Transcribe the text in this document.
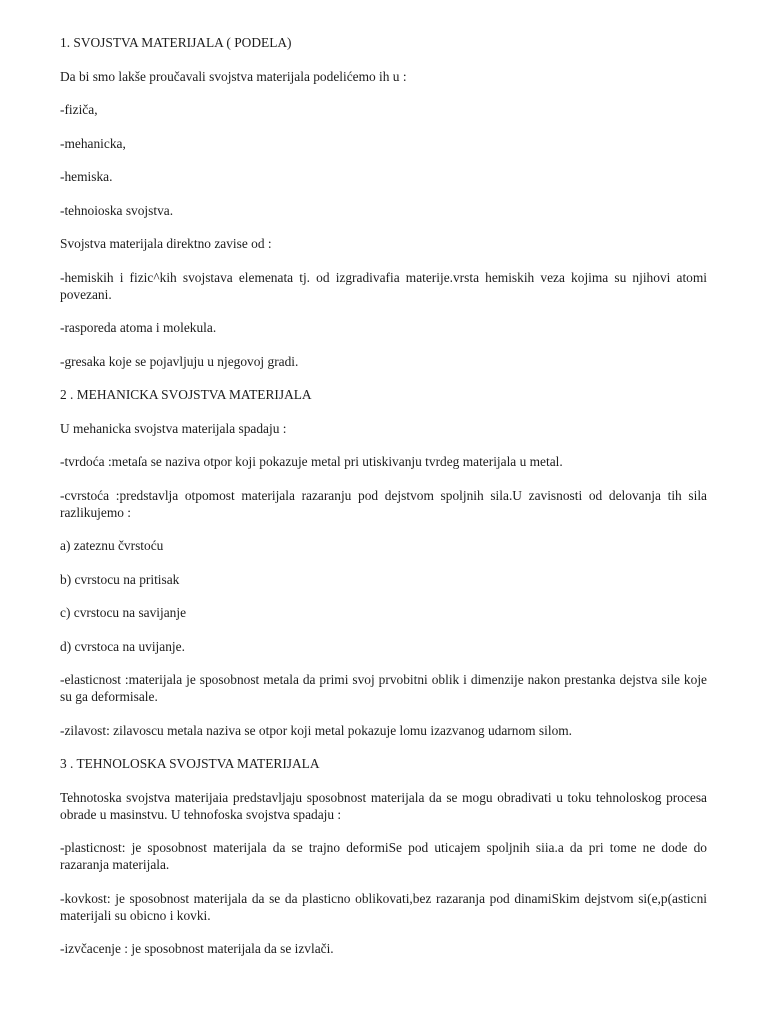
1. SVOJSTVA MATERIJALA ( PODELA)

Da bi smo lakše proučavali svojstva materijala podelićemo ih u :

-fiziča,

-mehanicka,

-hemiska.

-tehnoioska svojstva.

Svojstva materijala direktno zavise od :

-hemiskih i fizic^kih svojstava elemenata tj. od izgradivafia materije.vrsta hemiskih veza kojima su njihovi atomi povezani.

-rasporeda atoma i molekula.

-gresaka koje se pojavljuju u njegovoj gradi.

2 . MEHANICKA SVOJSTVA MATERIJALA

U mehanicka svojstva materijala spadaju :

-tvrdoća :metaſa se naziva otpor koji pokazuje metal pri utiskivanju tvrdeg materijala u metal.

-cvrstoća :predstavlja otpomost materijala razaranju pod dejstvom spoljnih sila.U zavisnosti od delovanja tih sila razlikujemo :

a) zateznu čvrstoću

b) cvrstocu na pritisak

c) cvrstocu na savijanje

d) cvrstoca na uvijanje.

-elasticnost :materijala je sposobnost metala da primi svoj prvobitni oblik i dimenzije nakon prestanka dejstva sile koje su ga deformisale.

-zilavost: zilavoscu metala naziva se otpor koji metal pokazuje lomu izazvanog udarnom silom.

3 . TEHNOLOSKA SVOJSTVA MATERIJALA

Tehnotoska svojstva materijaia predstavljaju sposobnost materijala da se mogu obradivati u toku tehnoloskog procesa obrade u masinstvu. U tehnofoska svojstva spadaju :

-plasticnost: je sposobnost materijala da se trajno deformiSe pod uticajem spoljnih siia.a da pri tome ne dode do razaranja materijala.

-kovkost: je sposobnost materijala da se da plasticno oblikovati,bez razaranja pod dinamiSkim dejstvom si(e,p(asticni materijali su obicno i kovki.

-izvčacenje : je sposobnost materijala da se izvlači.
